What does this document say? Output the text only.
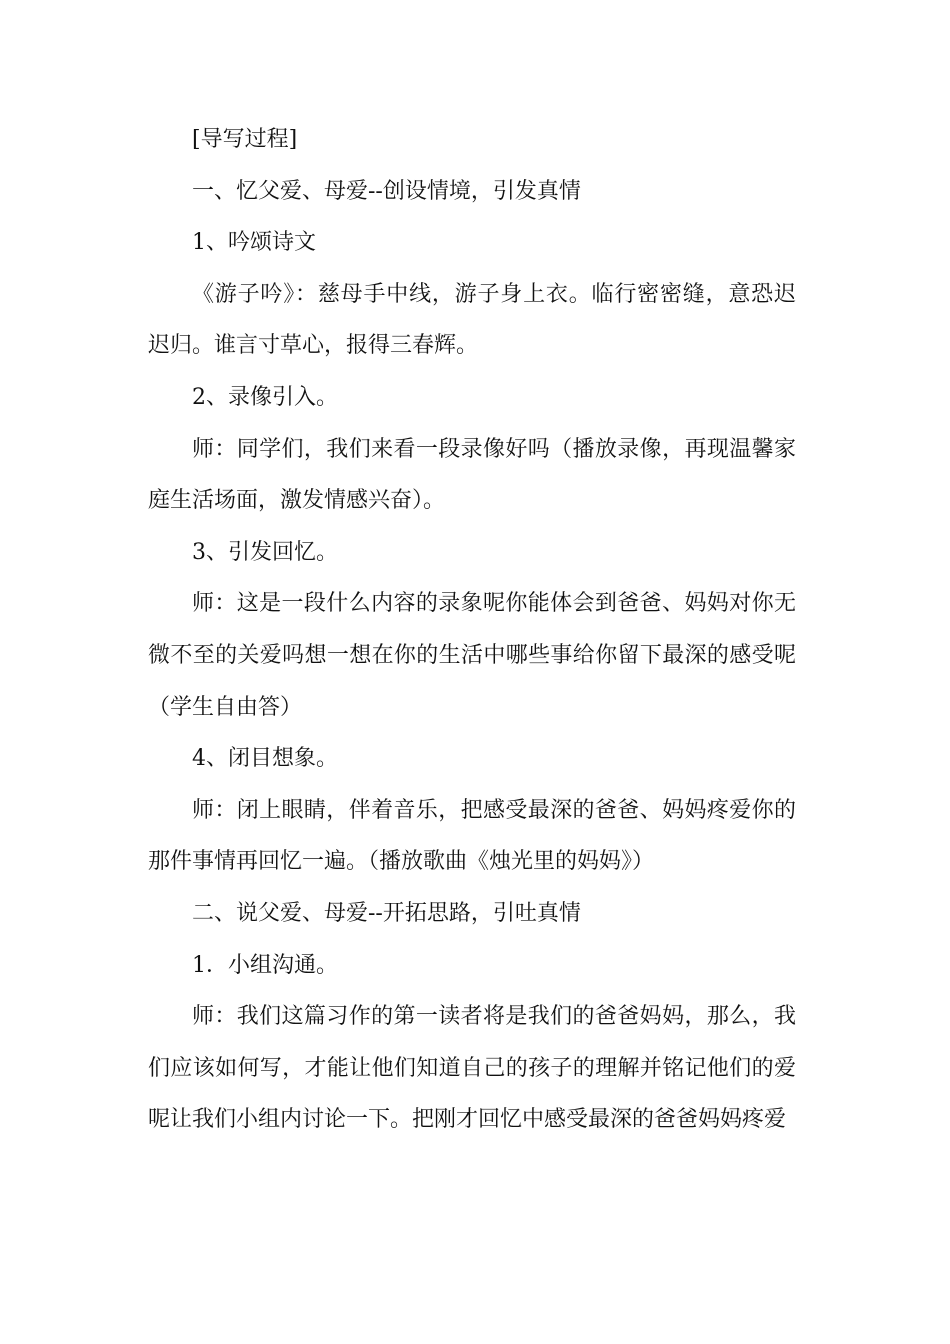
[导写过程]

一、忆父爱、母爱--创设情境，引发真情

1、吟颂诗文

《游子吟》：慈母手中线，游子身上衣。临行密密缝，意恐迟迟归。谁言寸草心，报得三春辉。

2、录像引入。

师：同学们，我们来看一段录像好吗（播放录像，再现温馨家庭生活场面，激发情感兴奋）。

3、引发回忆。

师：这是一段什么内容的录象呢你能体会到爸爸、妈妈对你无微不至的关爱吗想一想在你的生活中哪些事给你留下最深的感受呢（学生自由答）

4、闭目想象。

师：闭上眼睛，伴着音乐，把感受最深的爸爸、妈妈疼爱你的那件事情再回忆一遍。（播放歌曲《烛光里的妈妈》）

二、说父爱、母爱--开拓思路，引吐真情

1．小组沟通。

师：我们这篇习作的第一读者将是我们的爸爸妈妈，那么，我们应该如何写，才能让他们知道自己的孩子的理解并铭记他们的爱呢让我们小组内讨论一下。把刚才回忆中感受最深的爸爸妈妈疼爱
